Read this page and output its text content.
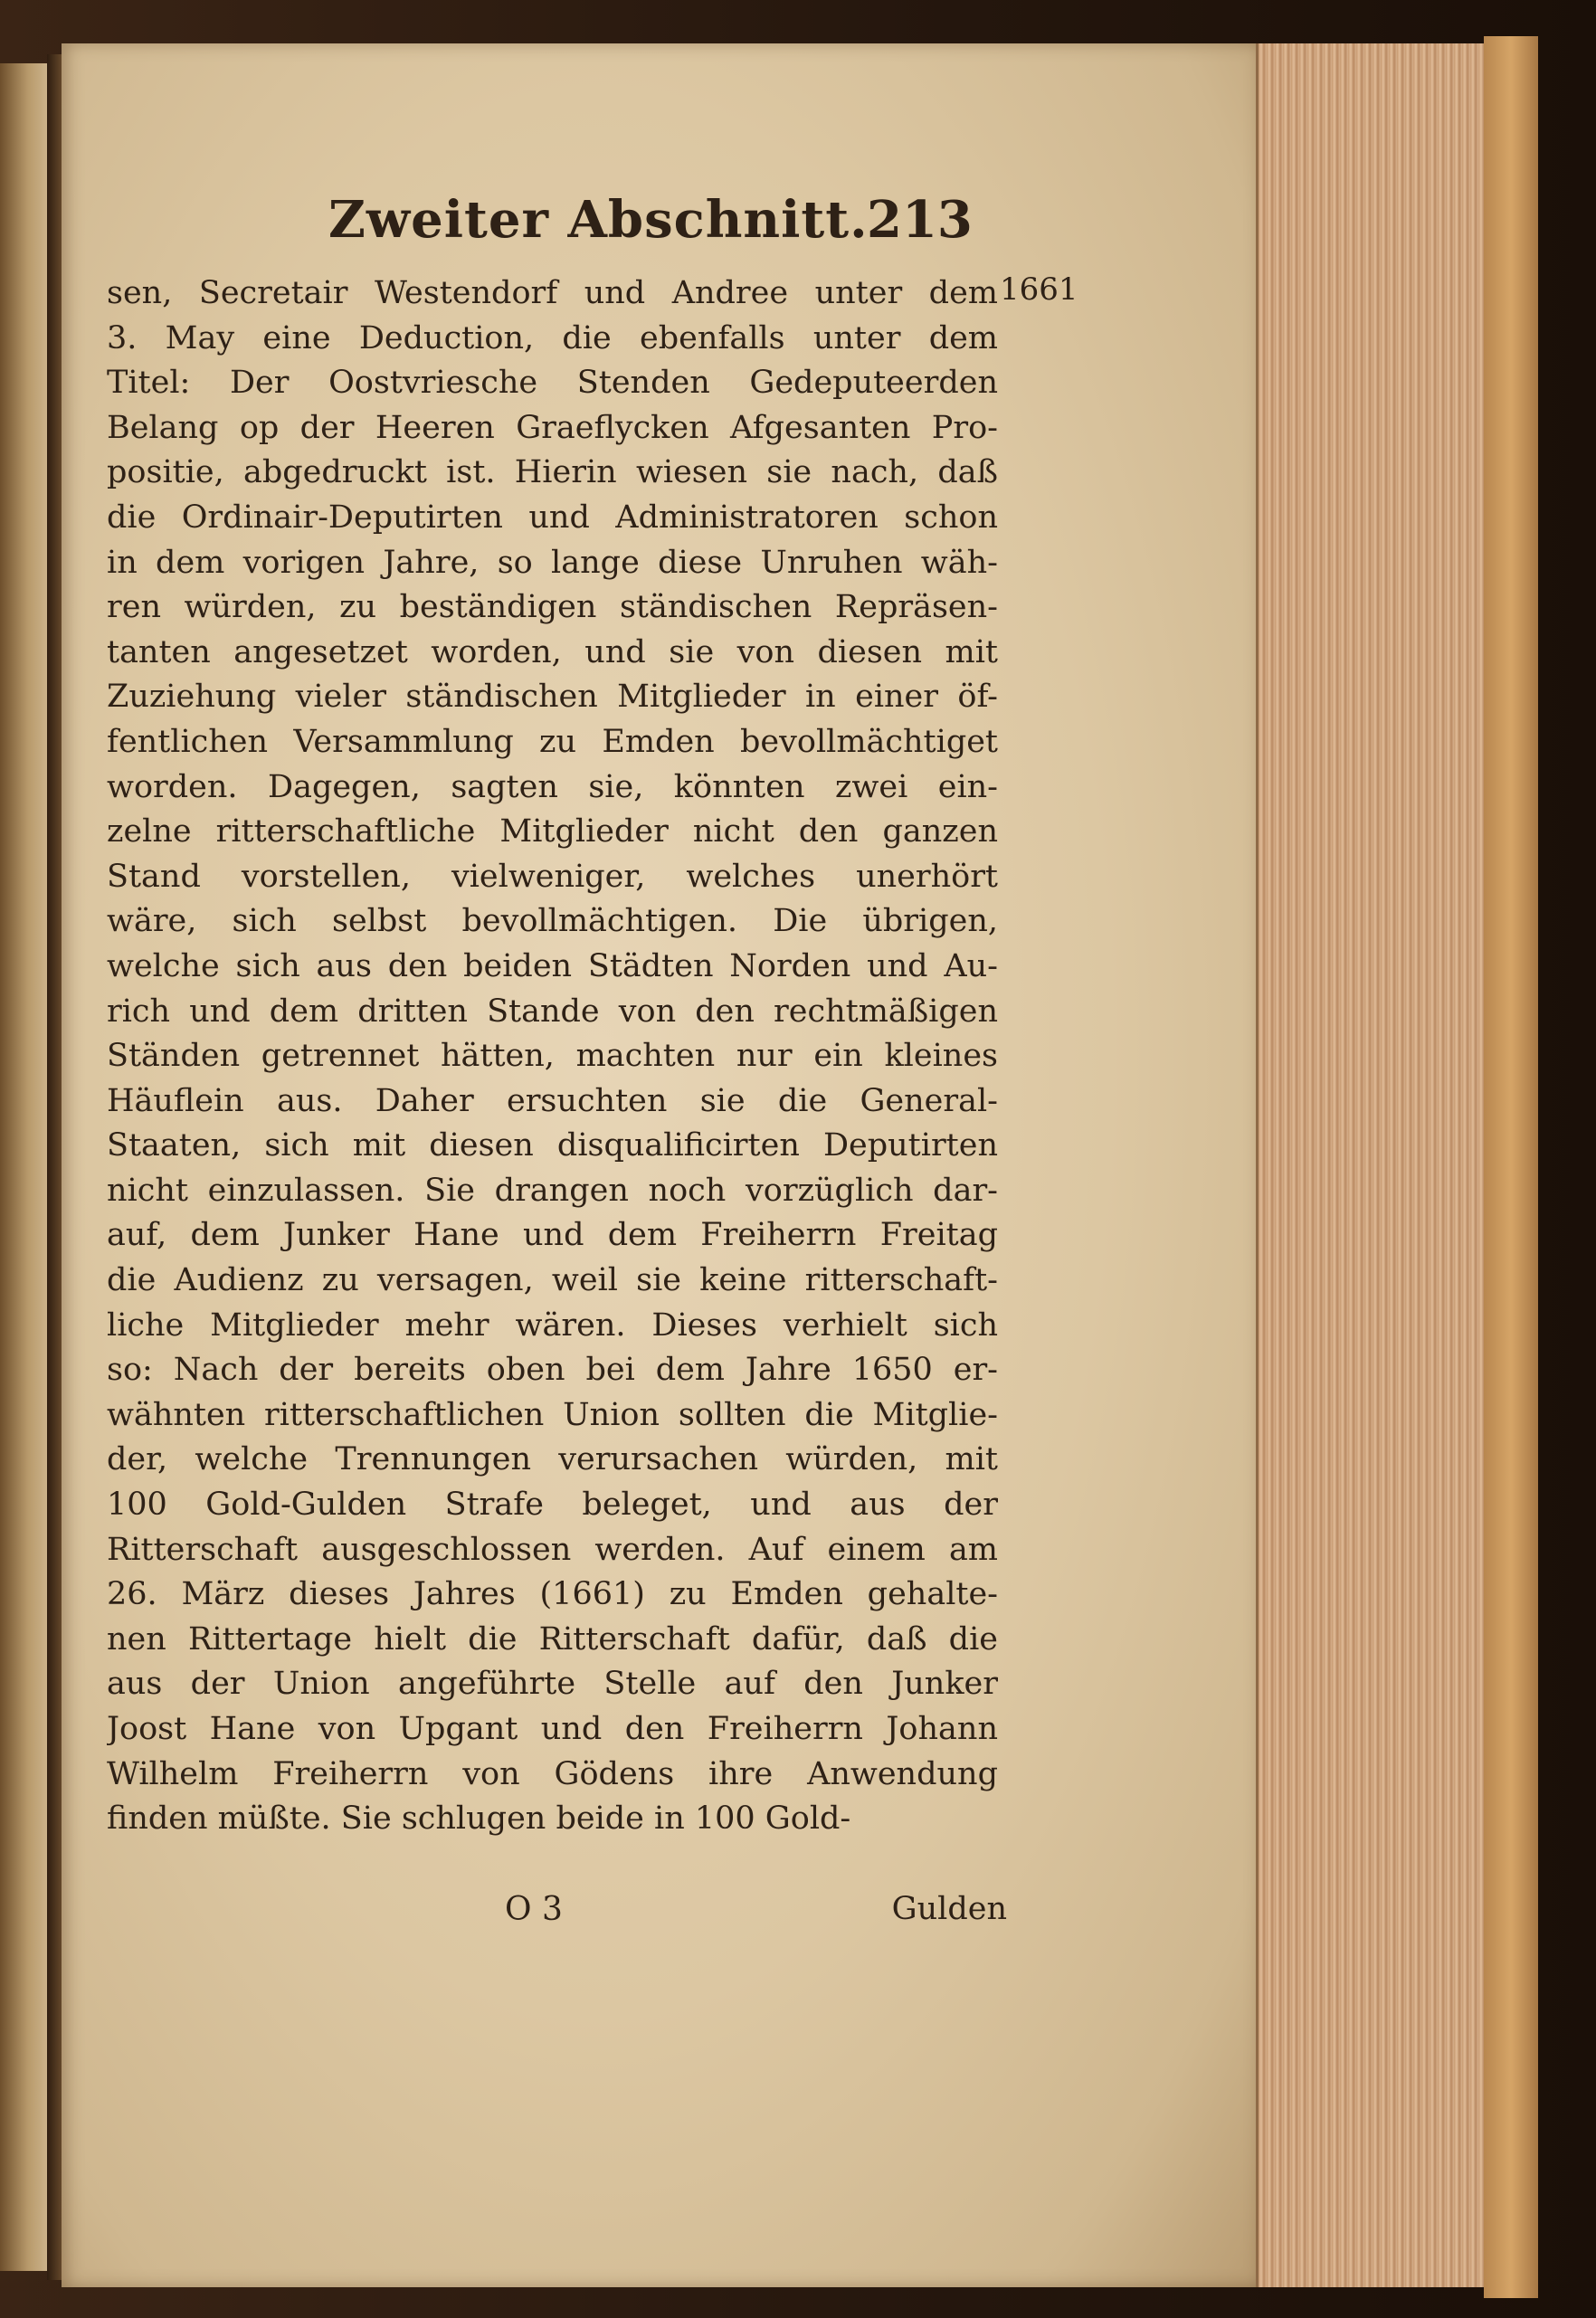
Zweiter Abschnitt.
213
sen, Secretair Westendorf und Andree unter dem
3. May eine Deduction, die ebenfalls unter dem
Titel: Der Oostvriesche Stenden Gedeputeerden
Belang op der Heeren Graeflycken Afgesanten Pro-
positie, abgedruckt ist. Hierin wiesen sie nach, daß
die Ordinair-Deputirten und Administratoren schon
in dem vorigen Jahre, so lange diese Unruhen wäh-
ren würden, zu beständigen ständischen Repräsen-
tanten angesetzet worden, und sie von diesen mit
Zuziehung vieler ständischen Mitglieder in einer öf-
fentlichen Versammlung zu Emden bevollmächtiget
worden. Dagegen, sagten sie, könnten zwei ein-
zelne ritterschaftliche Mitglieder nicht den ganzen
Stand vorstellen, vielweniger, welches unerhört
wäre, sich selbst bevollmächtigen. Die übrigen,
welche sich aus den beiden Städten Norden und Au-
rich und dem dritten Stande von den rechtmäßigen
Ständen getrennet hätten, machten nur ein kleines
Häuflein aus. Daher ersuchten sie die General-
Staaten, sich mit diesen disqualificirten Deputirten
nicht einzulassen. Sie drangen noch vorzüglich dar-
auf, dem Junker Hane und dem Freiherrn Freitag
die Audienz zu versagen, weil sie keine ritterschaft-
liche Mitglieder mehr wären. Dieses verhielt sich
so: Nach der bereits oben bei dem Jahre 1650 er-
wähnten ritterschaftlichen Union sollten die Mitglie-
der, welche Trennungen verursachen würden, mit
100 Gold-Gulden Strafe beleget, und aus der
Ritterschaft ausgeschlossen werden. Auf einem am
26. März dieses Jahres (1661) zu Emden gehalte-
nen Rittertage hielt die Ritterschaft dafür, daß die
aus der Union angeführte Stelle auf den Junker
Joost Hane von Upgant und den Freiherrn Johann
Wilhelm Freiherrn von Gödens ihre Anwendung
finden müßte. Sie schlugen beide in 100 Gold-
O 3	Gulden
1661
